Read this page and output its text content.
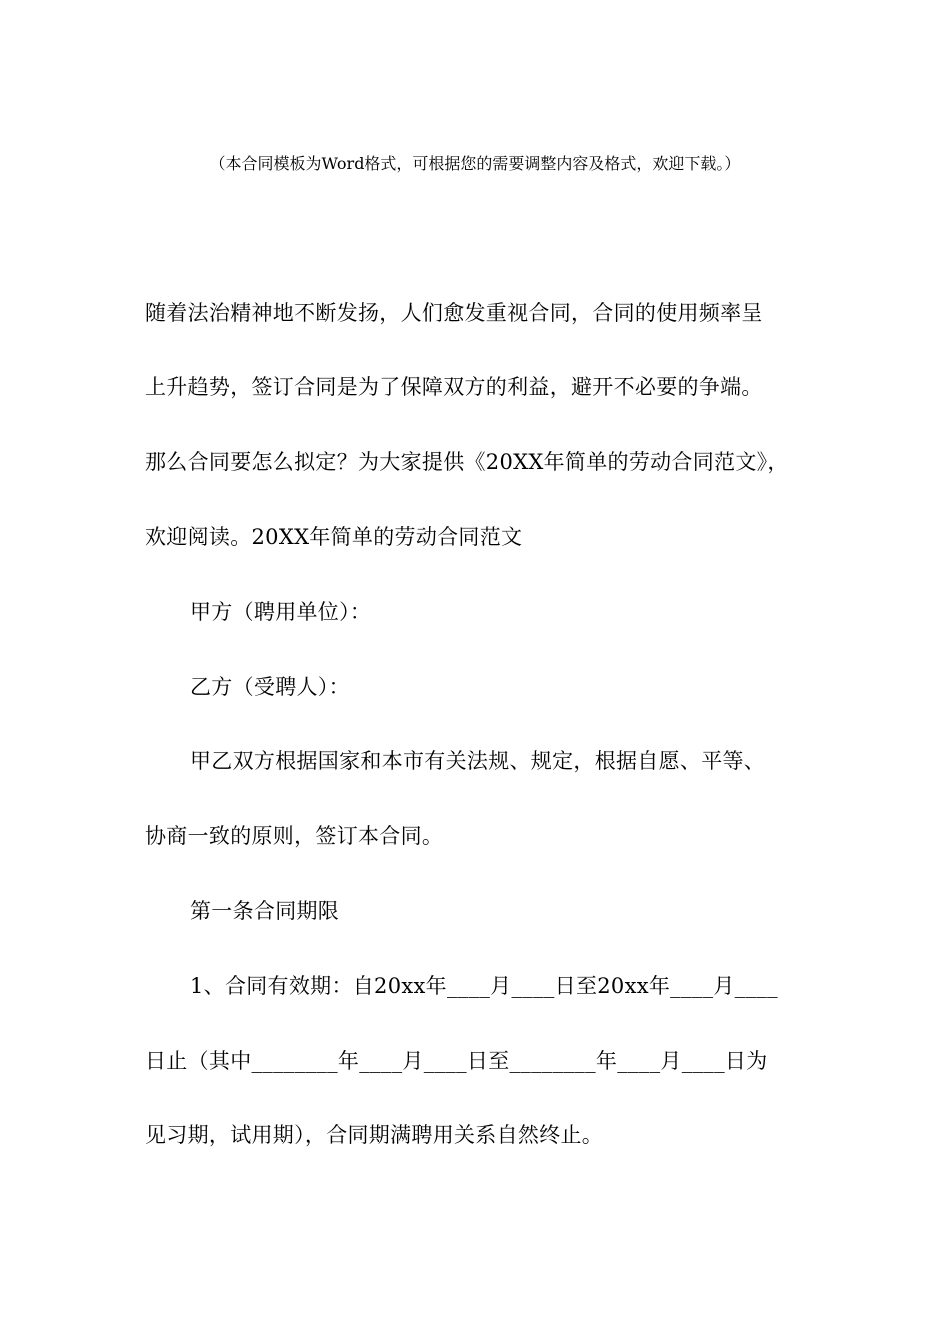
（本合同模板为Word格式，可根据您的需要调整内容及格式，欢迎下载。）
随着法治精神地不断发扬，人们愈发重视合同，合同的使用频率呈
上升趋势，签订合同是为了保障双方的利益，避开不必要的争端。
那么合同要怎么拟定？为大家提供《20XX年简单的劳动合同范文》，
欢迎阅读。20XX年简单的劳动合同范文
甲方（聘用单位）：
乙方（受聘人）：
甲乙双方根据国家和本市有关法规、规定，根据自愿、平等、
协商一致的原则，签订本合同。
第一条合同期限
1、合同有效期：自20xx年____月____日至20xx年____月____
日止（其中________年____月____日至________年____月____日为
见习期，试用期），合同期满聘用关系自然终止。
